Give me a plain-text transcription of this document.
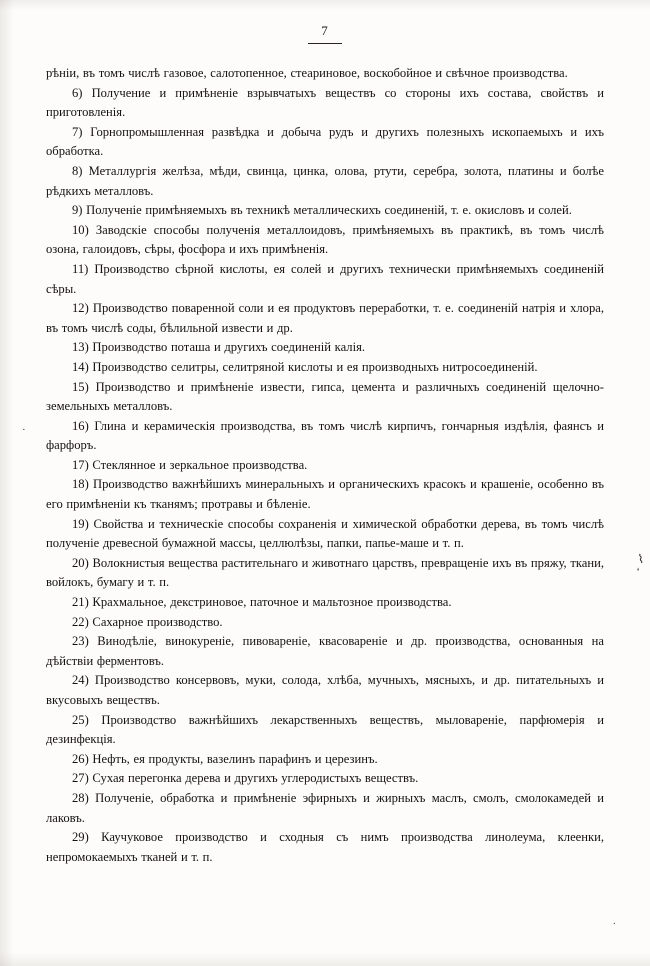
7

рѣнiи, въ томъ числѣ газовое, салотопенное, стеариновое, воскобойное и свѣчное производства.

6) Получение и примѣненiе взрывчатыхъ веществъ со стороны ихъ состава, свойствъ и приготовленiя.

7) Горнопромышленная развѣдка и добыча рудъ и другихъ полезныхъ ископаемыхъ и ихъ обработка.

8) Металлургiя желѣза, мѣди, свинца, цинка, олова, ртути, серебра, золота, платины и болѣе рѣдкихъ металловъ.

9) Полученiе примѣняемыхъ въ техникѣ металлическихъ соединенiй, т. е. окисловъ и солей.

10) Заводскiе способы полученiя металлоидовъ, примѣняемыхъ въ практикѣ, въ томъ числѣ озона, галоидовъ, сѣры, фосфора и ихъ примѣненiя.

11) Производство сѣрной кислоты, ея солей и другихъ технически примѣняемыхъ соединенiй сѣры.

12) Производство поваренной соли и ея продуктовъ переработки, т. е. соединенiй натрiя и хлора, въ томъ числѣ соды, бѣлильной извести и др.

13) Производство поташа и другихъ соединенiй калiя.

14) Производство селитры, селитряной кислоты и ея производныхъ нитросоединенiй.

15) Производство и примѣненiе извести, гипса, цемента и различныхъ соединенiй щелочно-земельныхъ металловъ.

16) Глина и керамическiя производства, въ томъ числѣ кирпичъ, гончарныя издѣлiя, фаянсъ и фарфоръ.

17) Стеклянное и зеркальное производства.

18) Производство важнѣйшихъ минеральныхъ и органическихъ красокъ и крашенiе, особенно въ его примѣненiи къ тканямъ; протравы и бѣленiе.

19) Свойства и техническiе способы сохраненiя и химической обработки дерева, въ томъ числѣ полученiе древесной бумажной массы, целлюлѣзы, папки, папье-маше и т. п.

20) Волокнистыя вещества растительнаго и животнаго царствъ, превращенiе ихъ въ пряжу, ткани, войлокъ, бумагу и т. п.

21) Крахмальное, декстриновое, паточное и мальтозное производства.

22) Сахарное производство.

23) Винодѣлiе, винокуренiе, пивоваренiе, квасоваренiе и др. производства, основанныя на дѣйствiи ферментовъ.

24) Производство консервовъ, муки, солода, хлѣба, мучныхъ, мясныхъ, и др. питательныхъ и вкусовыхъ веществъ.

25) Производство важнѣйшихъ лекарственныхъ веществъ, мыловаренiе, парфюмерiя и дезинфекцiя.

26) Нефть, ея продукты, вазелинъ парафинъ и церезинъ.

27) Сухая перегонка дерева и другихъ углеродистыхъ веществъ.

28) Полученiе, обработка и примѣненiе эфирныхъ и жирныхъ маслъ, смолъ, смолокамедей и лаковъ.

29) Каучуковое производство и сходныя съ нимъ производства линолеума, клеенки, непромокаемыхъ тканей и т. п.

·
⌇
ʻ
·
